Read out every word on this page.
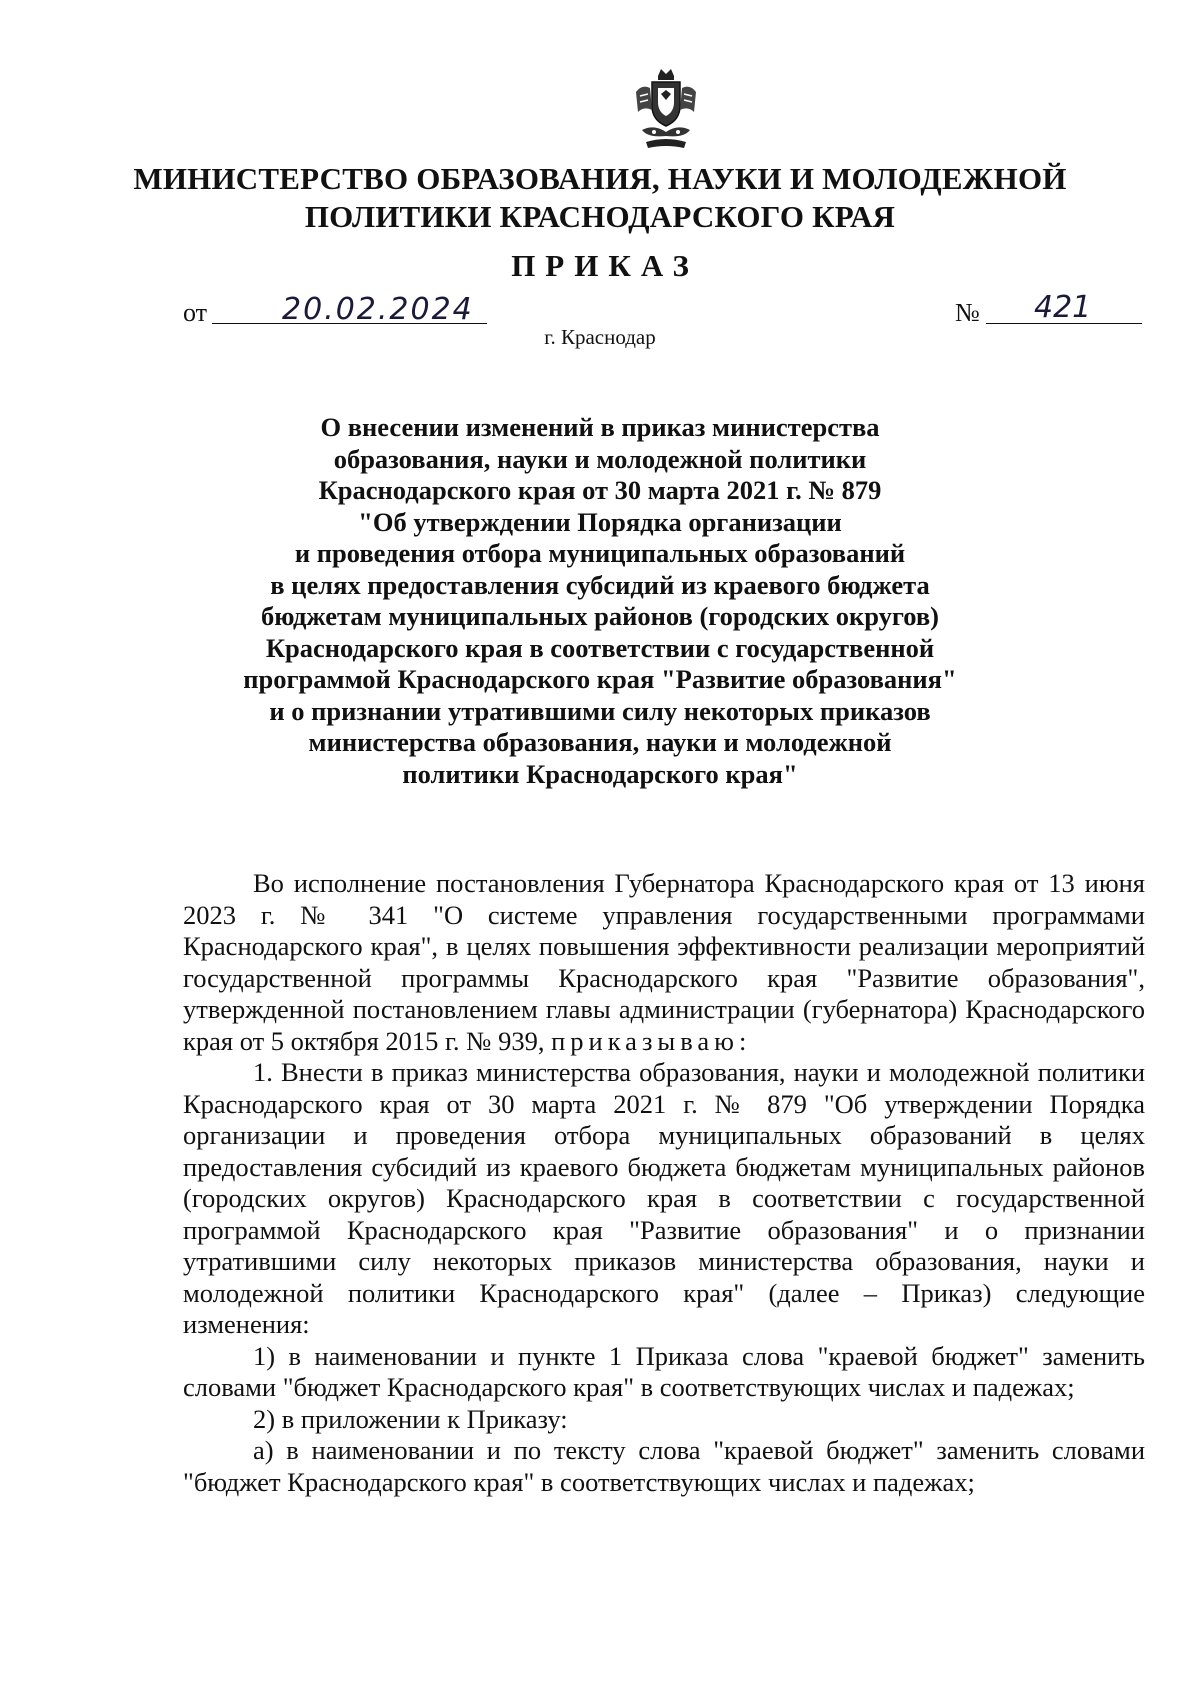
МИНИСТЕРСТВО ОБРАЗОВАНИЯ, НАУКИ И МОЛОДЕЖНОЙ
ПОЛИТИКИ КРАСНОДАРСКОГО КРАЯ
ПРИКАЗ
от 20.02.2024	№ 421
г. Краснодар
О внесении изменений в приказ министерства
образования, науки и молодежной политики
Краснодарского края от 30 марта 2021 г. № 879
"Об утверждении Порядка организации
и проведения отбора муниципальных образований
в целях предоставления субсидий из краевого бюджета
бюджетам муниципальных районов (городских округов)
Краснодарского края в соответствии с государственной
программой Краснодарского края "Развитие образования"
и о признании утратившими силу некоторых приказов
министерства образования, науки и молодежной
политики Краснодарского края"

Во исполнение постановления Губернатора Краснодарского края от 13 июня 2023 г. № 341 "О системе управления государственными программами Краснодарского края", в целях повышения эффективности реализации мероприятий государственной программы Краснодарского края "Развитие образования", утвержденной постановлением главы администрации (губернатора) Краснодарского края от 5 октября 2015 г. № 939, приказываю:

1. Внести в приказ министерства образования, науки и молодежной политики Краснодарского края от 30 марта 2021 г. № 879 "Об утверждении Порядка организации и проведения отбора муниципальных образований в целях предоставления субсидий из краевого бюджета бюджетам муниципальных районов (городских округов) Краснодарского края в соответствии с государственной программой Краснодарского края "Развитие образования" и о признании утратившими силу некоторых приказов министерства образования, науки и молодежной политики Краснодарского края" (далее – Приказ) следующие изменения:

1) в наименовании и пункте 1 Приказа слова "краевой бюджет" заменить словами "бюджет Краснодарского края" в соответствующих числах и падежах;

2) в приложении к Приказу:

а) в наименовании и по тексту слова "краевой бюджет" заменить словами "бюджет Краснодарского края" в соответствующих числах и падежах;
